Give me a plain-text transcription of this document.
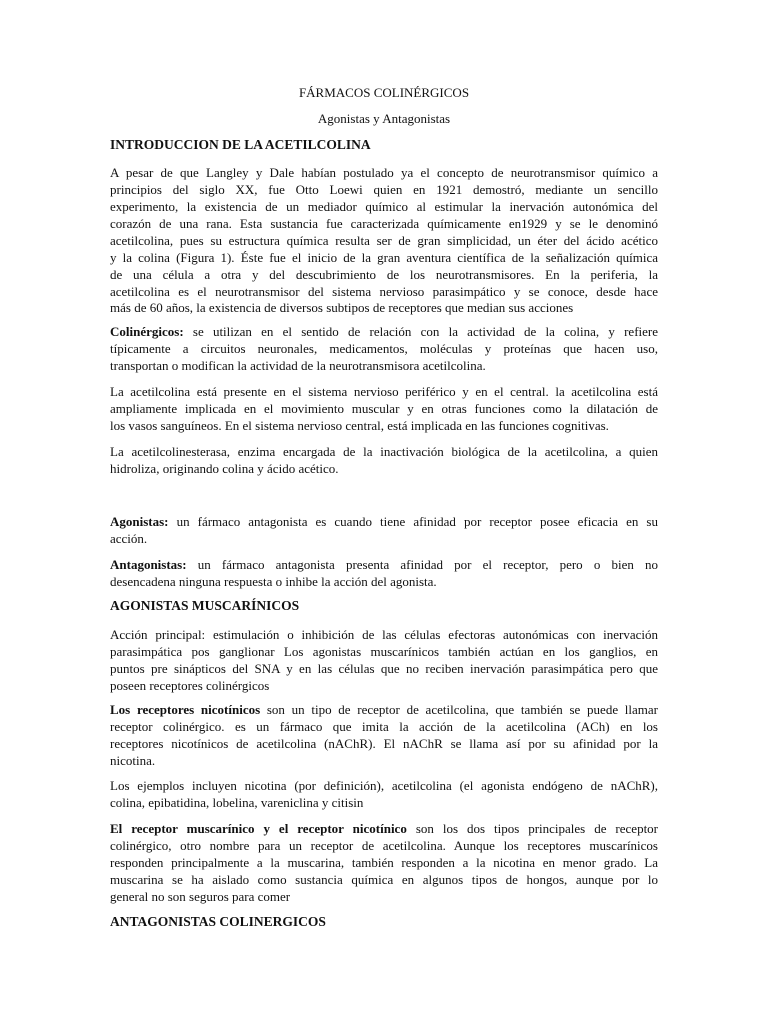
FÁRMACOS COLINÉRGICOS
Agonistas y Antagonistas
INTRODUCCION DE LA ACETILCOLINA
A pesar de que Langley y Dale habían postulado ya el concepto de neurotransmisor químico a
principios del siglo XX, fue Otto Loewi quien en 1921 demostró, mediante un sencillo
experimento, la existencia de un mediador químico al estimular la inervación autonómica del
corazón de una rana. Esta sustancia fue caracterizada químicamente en1929 y se le denominó
acetilcolina, pues su estructura química resulta ser de gran simplicidad, un éter del ácido acético
y la colina (Figura 1). Éste fue el inicio de la gran aventura científica de la señalización química
de una célula a otra y del descubrimiento de los neurotransmisores. En la periferia, la
acetilcolina es el neurotransmisor del sistema nervioso parasimpático y se conoce, desde hace
más de 60 años, la existencia de diversos subtipos de receptores que median sus acciones
Colinérgicos: se utilizan en el sentido de relación con la actividad de la colina, y refiere
típicamente a circuitos neuronales, medicamentos, moléculas y proteínas que hacen uso,
transportan o modifican la actividad de la neurotransmisora acetilcolina.
La acetilcolina está presente en el sistema nervioso periférico y en el central. la acetilcolina está
ampliamente implicada en el movimiento muscular y en otras funciones como la dilatación de
los vasos sanguíneos. En el sistema nervioso central, está implicada en las funciones cognitivas.
La acetilcolinesterasa, enzima encargada de la inactivación biológica de la acetilcolina, a quien
hidroliza, originando colina y ácido acético.
Agonistas: un fármaco antagonista es cuando tiene afinidad por receptor posee eficacia en su
acción.
Antagonistas: un fármaco antagonista presenta afinidad por el receptor, pero o bien no
desencadena ninguna respuesta o inhibe la acción del agonista.
AGONISTAS MUSCARÍNICOS
Acción principal: estimulación o inhibición de las células efectoras autonómicas con inervación
parasimpática pos ganglionar Los agonistas muscarínicos también actúan en los ganglios, en
puntos pre sinápticos del SNA y en las células que no reciben inervación parasimpática pero que
poseen receptores colinérgicos
Los receptores nicotínicos son un tipo de receptor de acetilcolina, que también se puede llamar
receptor colinérgico. es un fármaco que imita la acción de la acetilcolina (ACh) en los
receptores nicotínicos de acetilcolina (nAChR). El nAChR se llama así por su afinidad por la
nicotina.
Los ejemplos incluyen nicotina (por definición), acetilcolina (el agonista endógeno de nAChR),
colina, epibatidina, lobelina, vareniclina y citisin
El receptor muscarínico y el receptor nicotínico son los dos tipos principales de receptor
colinérgico, otro nombre para un receptor de acetilcolina. Aunque los receptores muscarínicos
responden principalmente a la muscarina, también responden a la nicotina en menor grado. La
muscarina se ha aislado como sustancia química en algunos tipos de hongos, aunque por lo
general no son seguros para comer
ANTAGONISTAS COLINERGICOS
